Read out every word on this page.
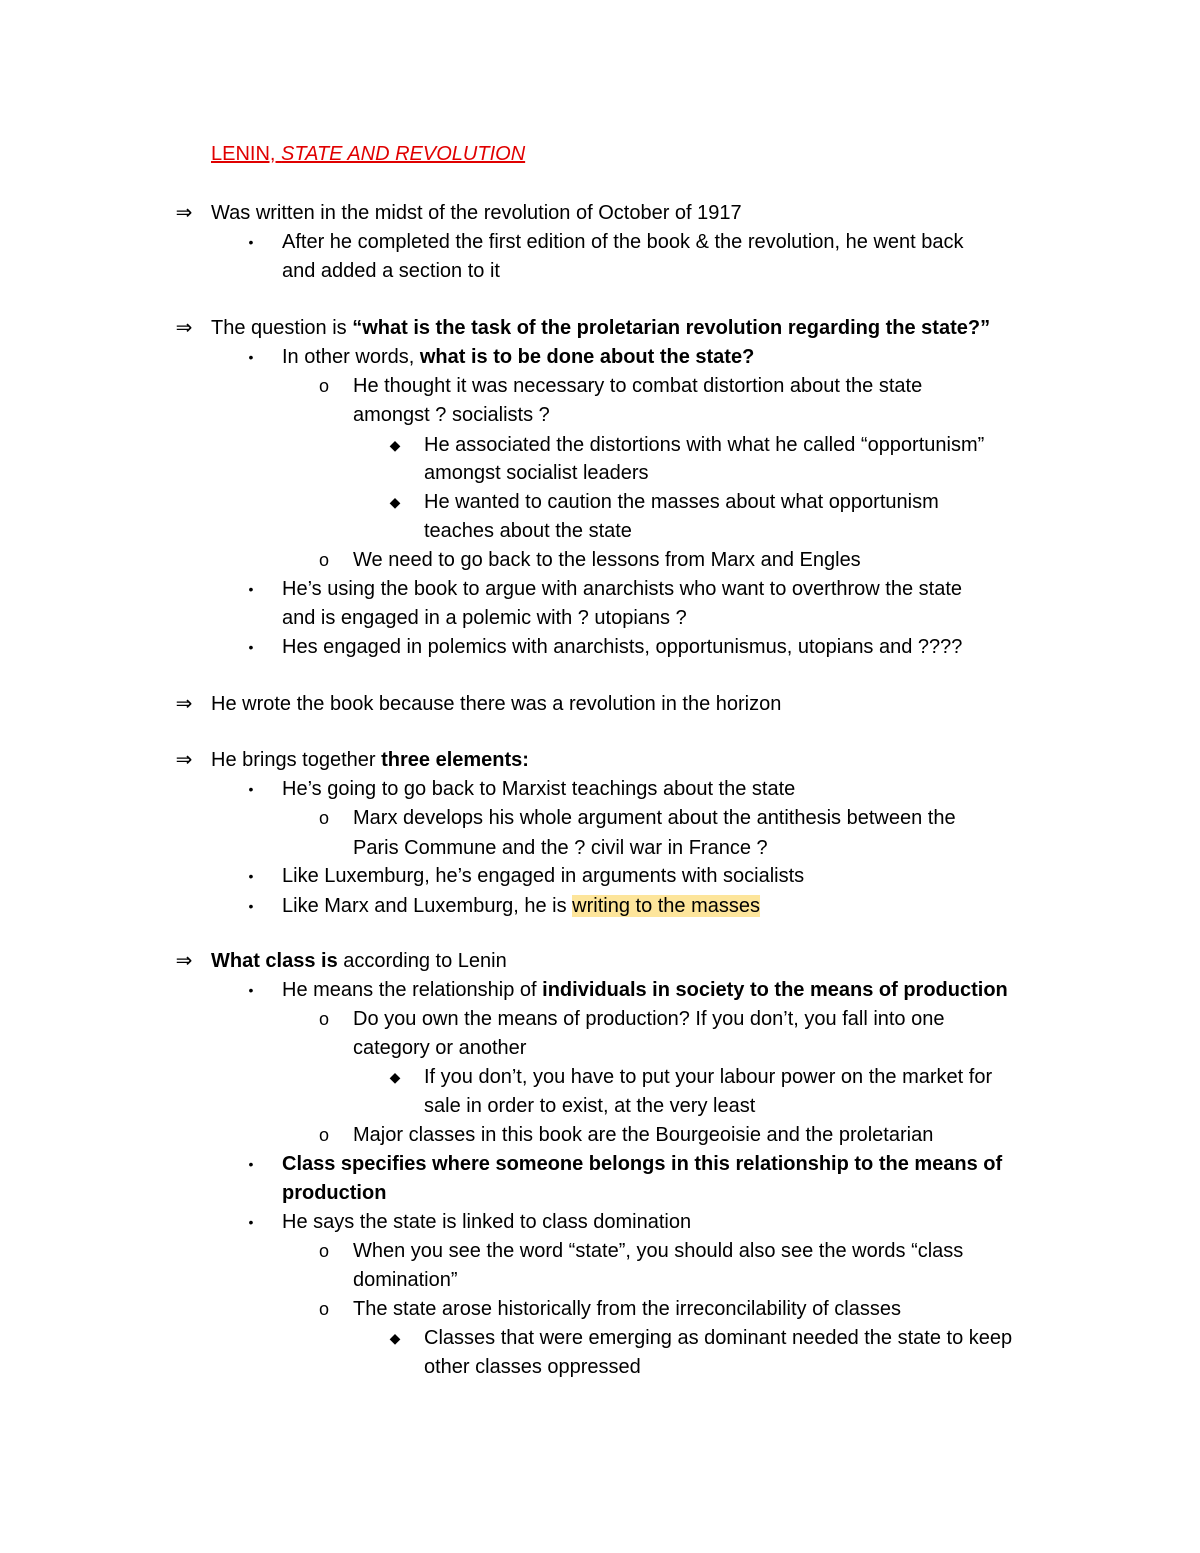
LENIN, STATE AND REVOLUTION
⇒ Was written in the midst of the revolution of October of 1917
• After he completed the first edition of the book & the revolution, he went back
and added a section to it
⇒ The question is “what is the task of the proletarian revolution regarding the state?”
• In other words, what is to be done about the state?
o He thought it was necessary to combat distortion about the state
amongst ? socialists ?
◆ He associated the distortions with what he called “opportunism”
amongst socialist leaders
◆ He wanted to caution the masses about what opportunism
teaches about the state
o We need to go back to the lessons from Marx and Engles
• He’s using the book to argue with anarchists who want to overthrow the state
and is engaged in a polemic with ? utopians ?
• Hes engaged in polemics with anarchists, opportunismus, utopians and ????
⇒ He wrote the book because there was a revolution in the horizon
⇒ He brings together three elements:
• He’s going to go back to Marxist teachings about the state
o Marx develops his whole argument about the antithesis between the
Paris Commune and the ? civil war in France ?
• Like Luxemburg, he’s engaged in arguments with socialists
• Like Marx and Luxemburg, he is writing to the masses
⇒ What class is according to Lenin
• He means the relationship of individuals in society to the means of production
o Do you own the means of production? If you don’t, you fall into one
category or another
◆ If you don’t, you have to put your labour power on the market for
sale in order to exist, at the very least
o Major classes in this book are the Bourgeoisie and the proletarian
• Class specifies where someone belongs in this relationship to the means of
production
• He says the state is linked to class domination
o When you see the word “state”, you should also see the words “class
domination”
o The state arose historically from the irreconcilability of classes
◆ Classes that were emerging as dominant needed the state to keep
other classes oppressed
